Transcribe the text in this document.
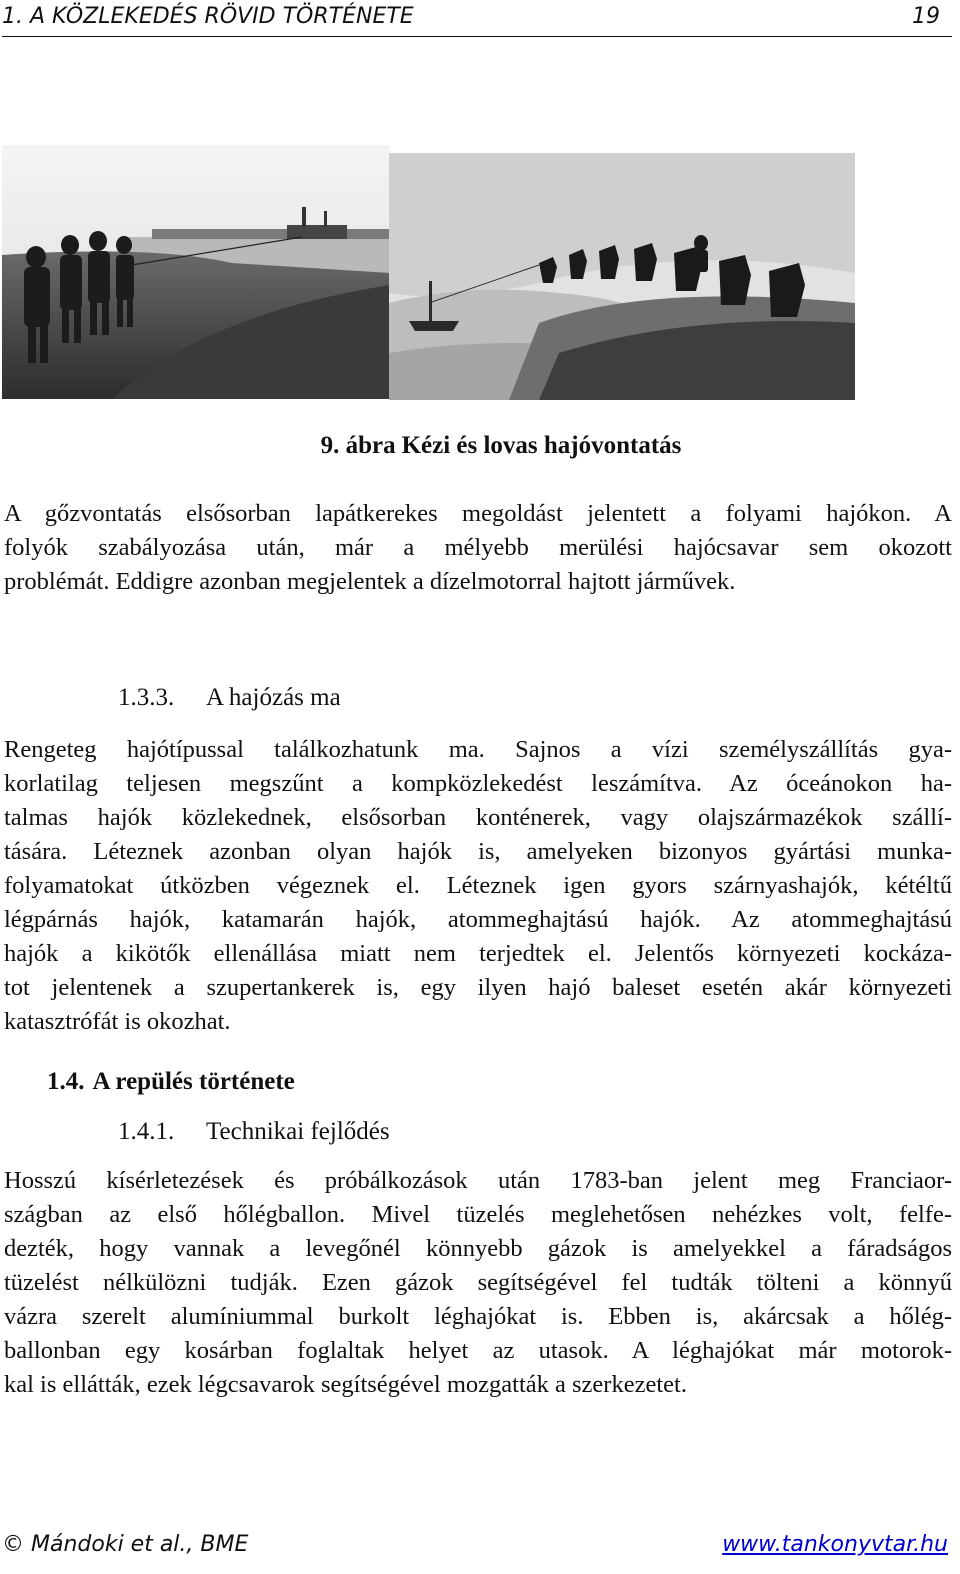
1. A KÖZLEKEDÉS RÖVID TÖRTÉNETE	19
9. ábra Kézi és lovas hajóvontatás
A gőzvontatás elsősorban lapátkerekes megoldást jelentett a folyami hajókon. A
folyók szabályozása után, már a mélyebb merülési hajócsavar sem okozott
problémát. Eddigre azonban megjelentek a dízelmotorral hajtott járművek.
1.3.3. A hajózás ma
Rengeteg hajótípussal találkozhatunk ma. Sajnos a vízi személyszállítás gya-
korlatilag teljesen megszűnt a kompközlekedést leszámítva. Az óceánokon ha-
talmas hajók közlekednek, elsősorban konténerek, vagy olajszármazékok szállí-
tására. Léteznek azonban olyan hajók is, amelyeken bizonyos gyártási munka-
folyamatokat útközben végeznek el. Léteznek igen gyors szárnyashajók, kétéltű
légpárnás hajók, katamarán hajók, atommeghajtású hajók. Az atommeghajtású
hajók a kikötők ellenállása miatt nem terjedtek el. Jelentős környezeti kockáza-
tot jelentenek a szupertankerek is, egy ilyen hajó baleset esetén akár környezeti
katasztrófát is okozhat.
1.4. A repülés története
1.4.1. Technikai fejlődés
Hosszú kísérletezések és próbálkozások után 1783-ban jelent meg Franciaor-
szágban az első hőlégballon. Mivel tüzelés meglehetősen nehézkes volt, felfe-
dezték, hogy vannak a levegőnél könnyebb gázok is amelyekkel a fáradságos
tüzelést nélkülözni tudják. Ezen gázok segítségével fel tudták tölteni a könnyű
vázra szerelt alumíniummal burkolt léghajókat is. Ebben is, akárcsak a hőlég-
ballonban egy kosárban foglaltak helyet az utasok. A léghajókat már motorok-
kal is ellátták, ezek légcsavarok segítségével mozgatták a szerkezetet.
© Mándoki et al., BME	www.tankonyvtar.hu
